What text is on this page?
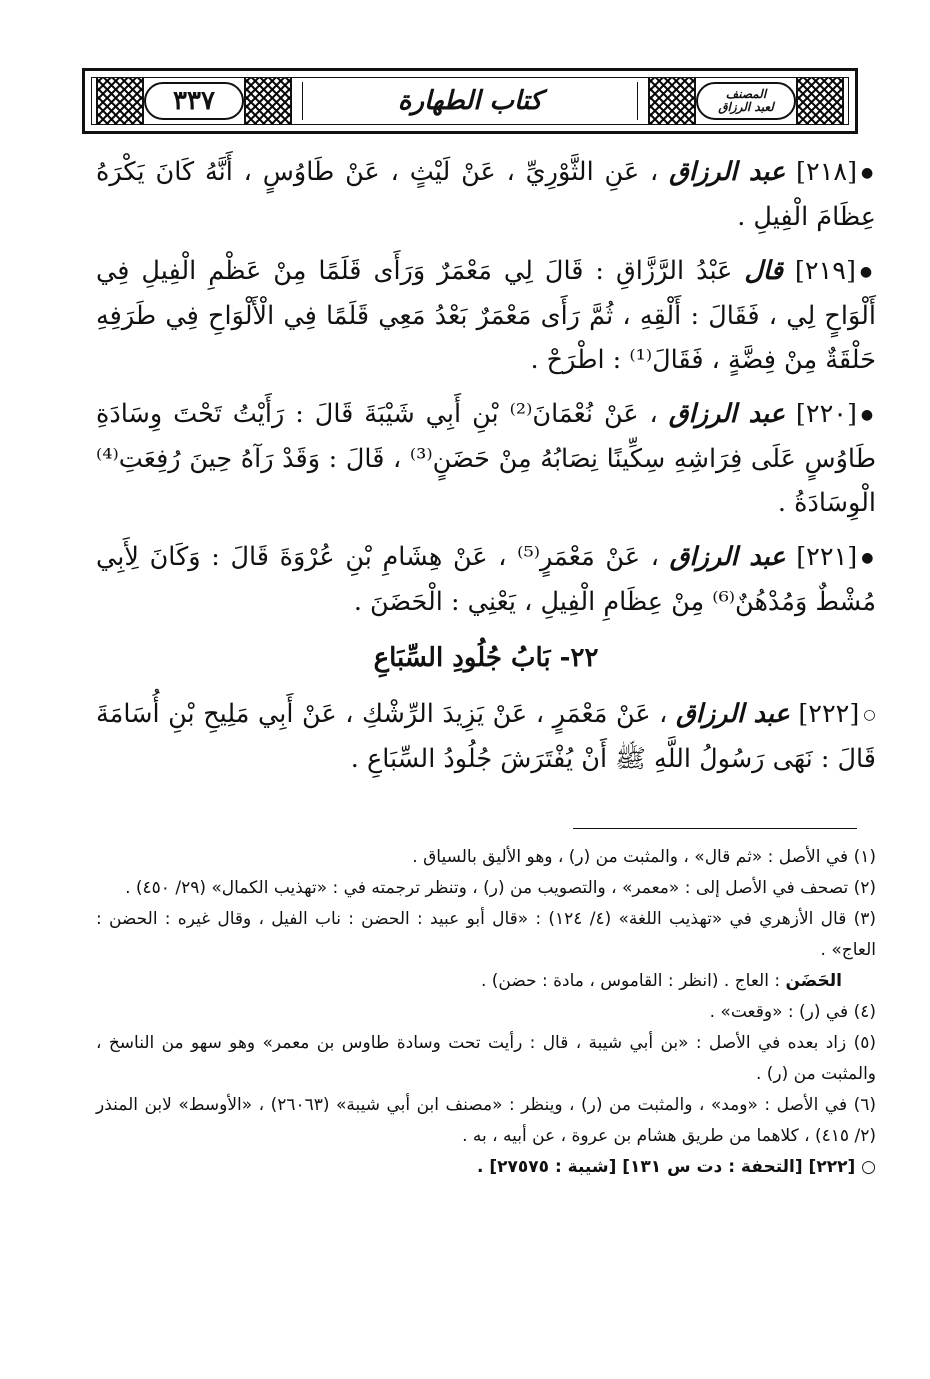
٣٣٧	كتاب الطهارة	المصنف
لعبد الرزاق

●[٢١٨] عبد الرزاق ، عَنِ الثَّوْرِيِّ ، عَنْ لَيْثٍ ، عَنْ طَاوُسٍ ، أَنَّهُ كَانَ يَكْرَهُ عِظَامَ الْفِيلِ .

●[٢١٩] قال عَبْدُ الرَّزَّاقِ : قَالَ لِي مَعْمَرٌ وَرَأَى قَلَمًا مِنْ عَظْمِ الْفِيلِ فِي أَلْوَاحٍ لِي ، فَقَالَ : أَلْقِهِ ، ثُمَّ رَأَى مَعْمَرٌ بَعْدُ مَعِي قَلَمًا فِي الْأَلْوَاحِ فِي طَرَفِهِ حَلْقَةٌ مِنْ فِضَّةٍ ، فَقَالَ⁽¹⁾ : اطْرَحْ .

●[٢٢٠] عبد الرزاق ، عَنْ نُعْمَانَ⁽²⁾ بْنِ أَبِي شَيْبَةَ قَالَ : رَأَيْتُ تَحْتَ وِسَادَةِ طَاوُسٍ عَلَى فِرَاشِهِ سِكِّينًا نِصَابُهُ مِنْ حَضَنٍ⁽³⁾ ، قَالَ : وَقَدْ رَآهُ حِينَ رُفِعَتِ⁽⁴⁾ الْوِسَادَةُ .

●[٢٢١] عبد الرزاق ، عَنْ مَعْمَرٍ⁽⁵⁾ ، عَنْ هِشَامِ بْنِ عُرْوَةَ قَالَ : وَكَانَ لِأَبِي مُشْطٌ وَمُدْهُنٌ⁽⁶⁾ مِنْ عِظَامِ الْفِيلِ ، يَعْنِي : الْحَضَنَ .

٢٢- بَابُ جُلُودِ السِّبَاعِ

○[٢٢٢] عبد الرزاق ، عَنْ مَعْمَرٍ ، عَنْ يَزِيدَ الرِّشْكِ ، عَنْ أَبِي مَلِيحِ بْنِ أُسَامَةَ قَالَ : نَهَى رَسُولُ اللَّهِ ﷺ أَنْ يُفْتَرَشَ جُلُودُ السِّبَاعِ .

(١) في الأصل : «ثم قال» ، والمثبت من (ر) ، وهو الأليق بالسياق .

(٢) تصحف في الأصل إلى : «معمر» ، والتصويب من (ر) ، وتنظر ترجمته في : «تهذيب الكمال» (٢٩/ ٤٥٠) .

(٣) قال الأزهري في «تهذيب اللغة» (٤/ ١٢٤) : «قال أبو عبيد : الحضن : ناب الفيل ، وقال غيره : الحضن : العاج» .

الحَضَن : العاج . (انظر : القاموس ، مادة : حضن) .

(٤) في (ر) : «وقعت» .

(٥) زاد بعده في الأصل : «بن أبي شيبة ، قال : رأيت تحت وسادة طاوس بن معمر» وهو سهو من الناسخ ، والمثبت من (ر) .

(٦) في الأصل : «ومد» ، والمثبت من (ر) ، وينظر : «مصنف ابن أبي شيبة» (٢٦٠٦٣) ، «الأوسط» لابن المنذر (٢/ ٤١٥) ، كلاهما من طريق هشام بن عروة ، عن أبيه ، به .

○ [٢٢٢] [التحفة : دت س ١٣١] [شيبة : ٢٧٥٧٥] .
